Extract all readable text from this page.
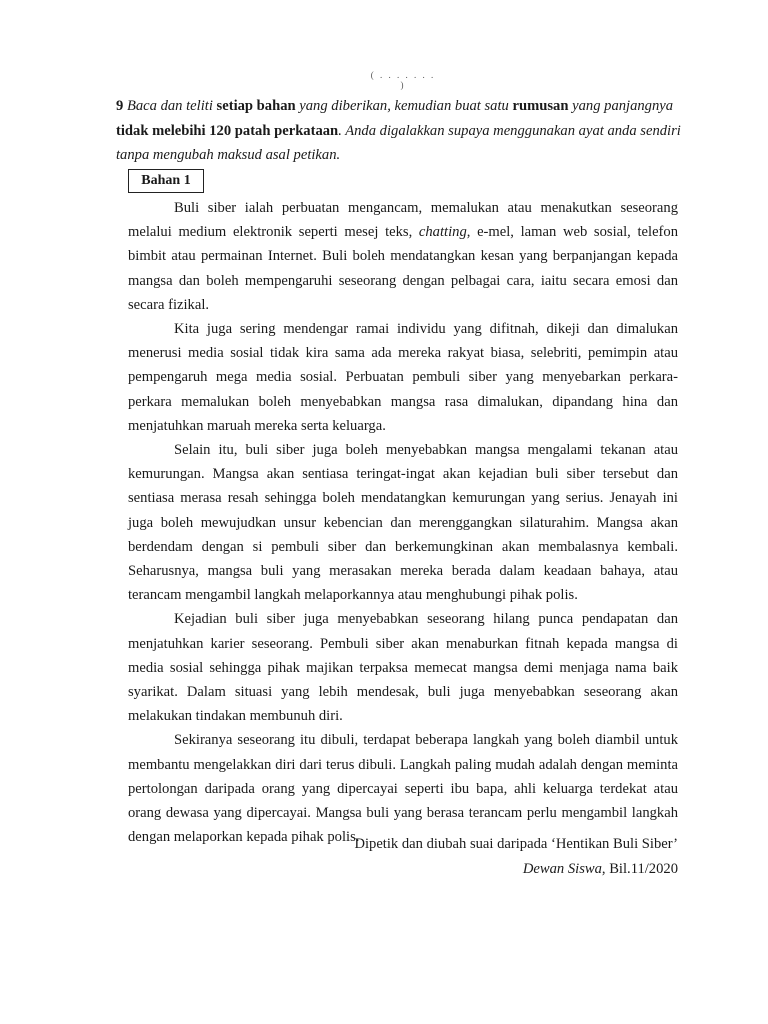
( . . . . . . . )
9 Baca dan teliti setiap bahan yang diberikan, kemudian buat satu rumusan yang panjangnya tidak melebihi 120 patah perkataan. Anda digalakkan supaya menggunakan ayat anda sendiri tanpa mengubah maksud asal petikan.
Bahan 1

Buli siber ialah perbuatan mengancam, memalukan atau menakutkan seseorang melalui medium elektronik seperti mesej teks, chatting, e-mel, laman web sosial, telefon bimbit atau permainan Internet. Buli boleh mendatangkan kesan yang berpanjangan kepada mangsa dan boleh mempengaruhi seseorang dengan pelbagai cara, iaitu secara emosi dan secara fizikal.

Kita juga sering mendengar ramai individu yang difitnah, dikeji dan dimalukan menerusi media sosial tidak kira sama ada mereka rakyat biasa, selebriti, pemimpin atau pempengaruh mega media sosial. Perbuatan pembuli siber yang menyebarkan perkara-perkara memalukan boleh menyebabkan mangsa rasa dimalukan, dipandang hina dan menjatuhkan maruah mereka serta keluarga.

Selain itu, buli siber juga boleh menyebabkan mangsa mengalami tekanan atau kemurungan. Mangsa akan sentiasa teringat-ingat akan kejadian buli siber tersebut dan sentiasa merasa resah sehingga boleh mendatangkan kemurungan yang serius. Jenayah ini juga boleh mewujudkan unsur kebencian dan merenggangkan silaturahim. Mangsa akan berdendam dengan si pembuli siber dan berkemungkinan akan membalasnya kembali. Seharusnya, mangsa buli yang merasakan mereka berada dalam keadaan bahaya, atau terancam mengambil langkah melaporkannya atau menghubungi pihak polis.

Kejadian buli siber juga menyebabkan seseorang hilang punca pendapatan dan menjatuhkan karier seseorang. Pembuli siber akan menaburkan fitnah kepada mangsa di media sosial sehingga pihak majikan terpaksa memecat mangsa demi menjaga nama baik syarikat. Dalam situasi yang lebih mendesak, buli juga menyebabkan seseorang akan melakukan tindakan membunuh diri.

Sekiranya seseorang itu dibuli, terdapat beberapa langkah yang boleh diambil untuk membantu mengelakkan diri dari terus dibuli. Langkah paling mudah adalah dengan meminta pertolongan daripada orang yang dipercayai seperti ibu bapa, ahli keluarga terdekat atau orang dewasa yang dipercayai. Mangsa buli yang berasa terancam perlu mengambil langkah dengan melaporkan kepada pihak polis.

Dipetik dan diubah suai daripada ‘Hentikan Buli Siber’
Dewan Siswa, Bil.11/2020
